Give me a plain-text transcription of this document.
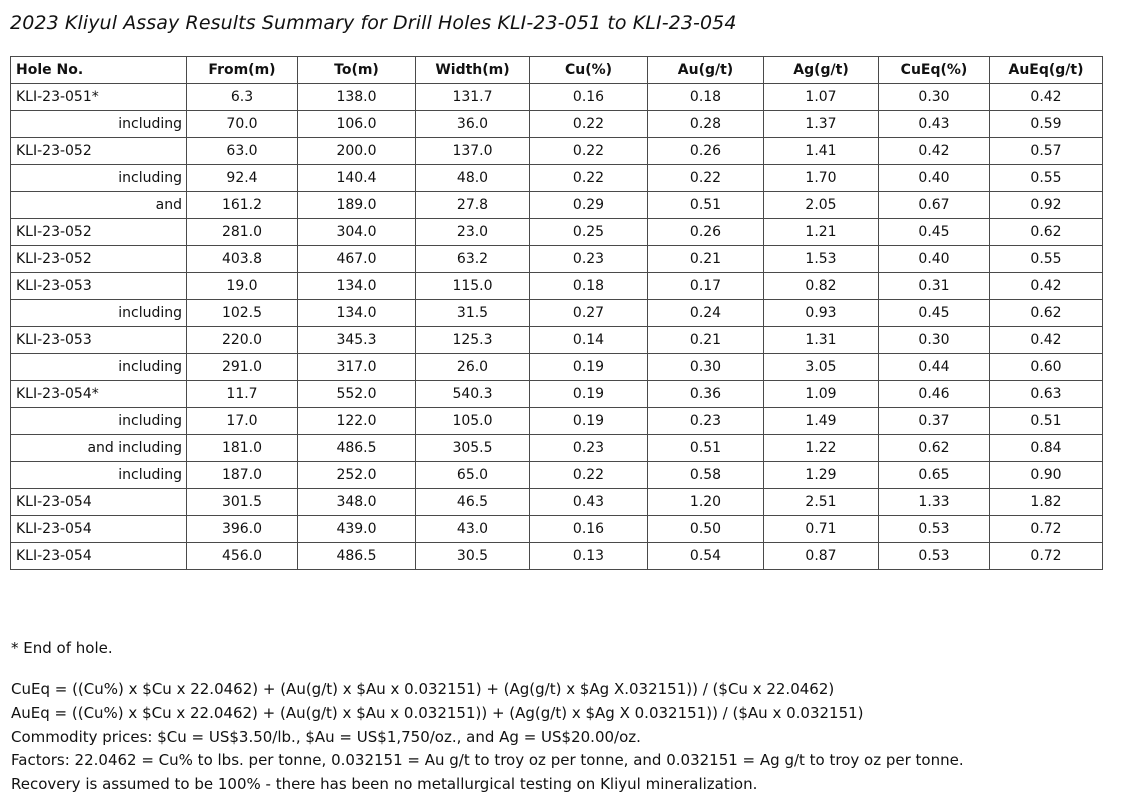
2023 Kliyul Assay Results Summary for Drill Holes KLI-23-051 to KLI-23-054
Hole No.	From(m)	To(m)	Width(m)	Cu(%)	Au(g/t)	Ag(g/t)	CuEq(%)	AuEq(g/t)
KLI-23-051*	6.3	138.0	131.7	0.16	0.18	1.07	0.30	0.42
including	70.0	106.0	36.0	0.22	0.28	1.37	0.43	0.59
KLI-23-052	63.0	200.0	137.0	0.22	0.26	1.41	0.42	0.57
including	92.4	140.4	48.0	0.22	0.22	1.70	0.40	0.55
and	161.2	189.0	27.8	0.29	0.51	2.05	0.67	0.92
KLI-23-052	281.0	304.0	23.0	0.25	0.26	1.21	0.45	0.62
KLI-23-052	403.8	467.0	63.2	0.23	0.21	1.53	0.40	0.55
KLI-23-053	19.0	134.0	115.0	0.18	0.17	0.82	0.31	0.42
including	102.5	134.0	31.5	0.27	0.24	0.93	0.45	0.62
KLI-23-053	220.0	345.3	125.3	0.14	0.21	1.31	0.30	0.42
including	291.0	317.0	26.0	0.19	0.30	3.05	0.44	0.60
KLI-23-054*	11.7	552.0	540.3	0.19	0.36	1.09	0.46	0.63
including	17.0	122.0	105.0	0.19	0.23	1.49	0.37	0.51
and including	181.0	486.5	305.5	0.23	0.51	1.22	0.62	0.84
including	187.0	252.0	65.0	0.22	0.58	1.29	0.65	0.90
KLI-23-054	301.5	348.0	46.5	0.43	1.20	2.51	1.33	1.82
KLI-23-054	396.0	439.0	43.0	0.16	0.50	0.71	0.53	0.72
KLI-23-054	456.0	486.5	30.5	0.13	0.54	0.87	0.53	0.72
* End of hole.
CuEq = ((Cu%) x $Cu x 22.0462) + (Au(g/t) x $Au x 0.032151) + (Ag(g/t) x $Ag X.032151)) / ($Cu x 22.0462)
AuEq = ((Cu%) x $Cu x 22.0462) + (Au(g/t) x $Au x 0.032151)) + (Ag(g/t) x $Ag X 0.032151)) / ($Au x 0.032151)
Commodity prices: $Cu = US$3.50/lb., $Au = US$1,750/oz., and Ag = US$20.00/oz.
Factors: 22.0462 = Cu% to lbs. per tonne, 0.032151 = Au g/t to troy oz per tonne, and 0.032151 = Ag g/t to troy oz per tonne.
Recovery is assumed to be 100% - there has been no metallurgical testing on Kliyul mineralization.
